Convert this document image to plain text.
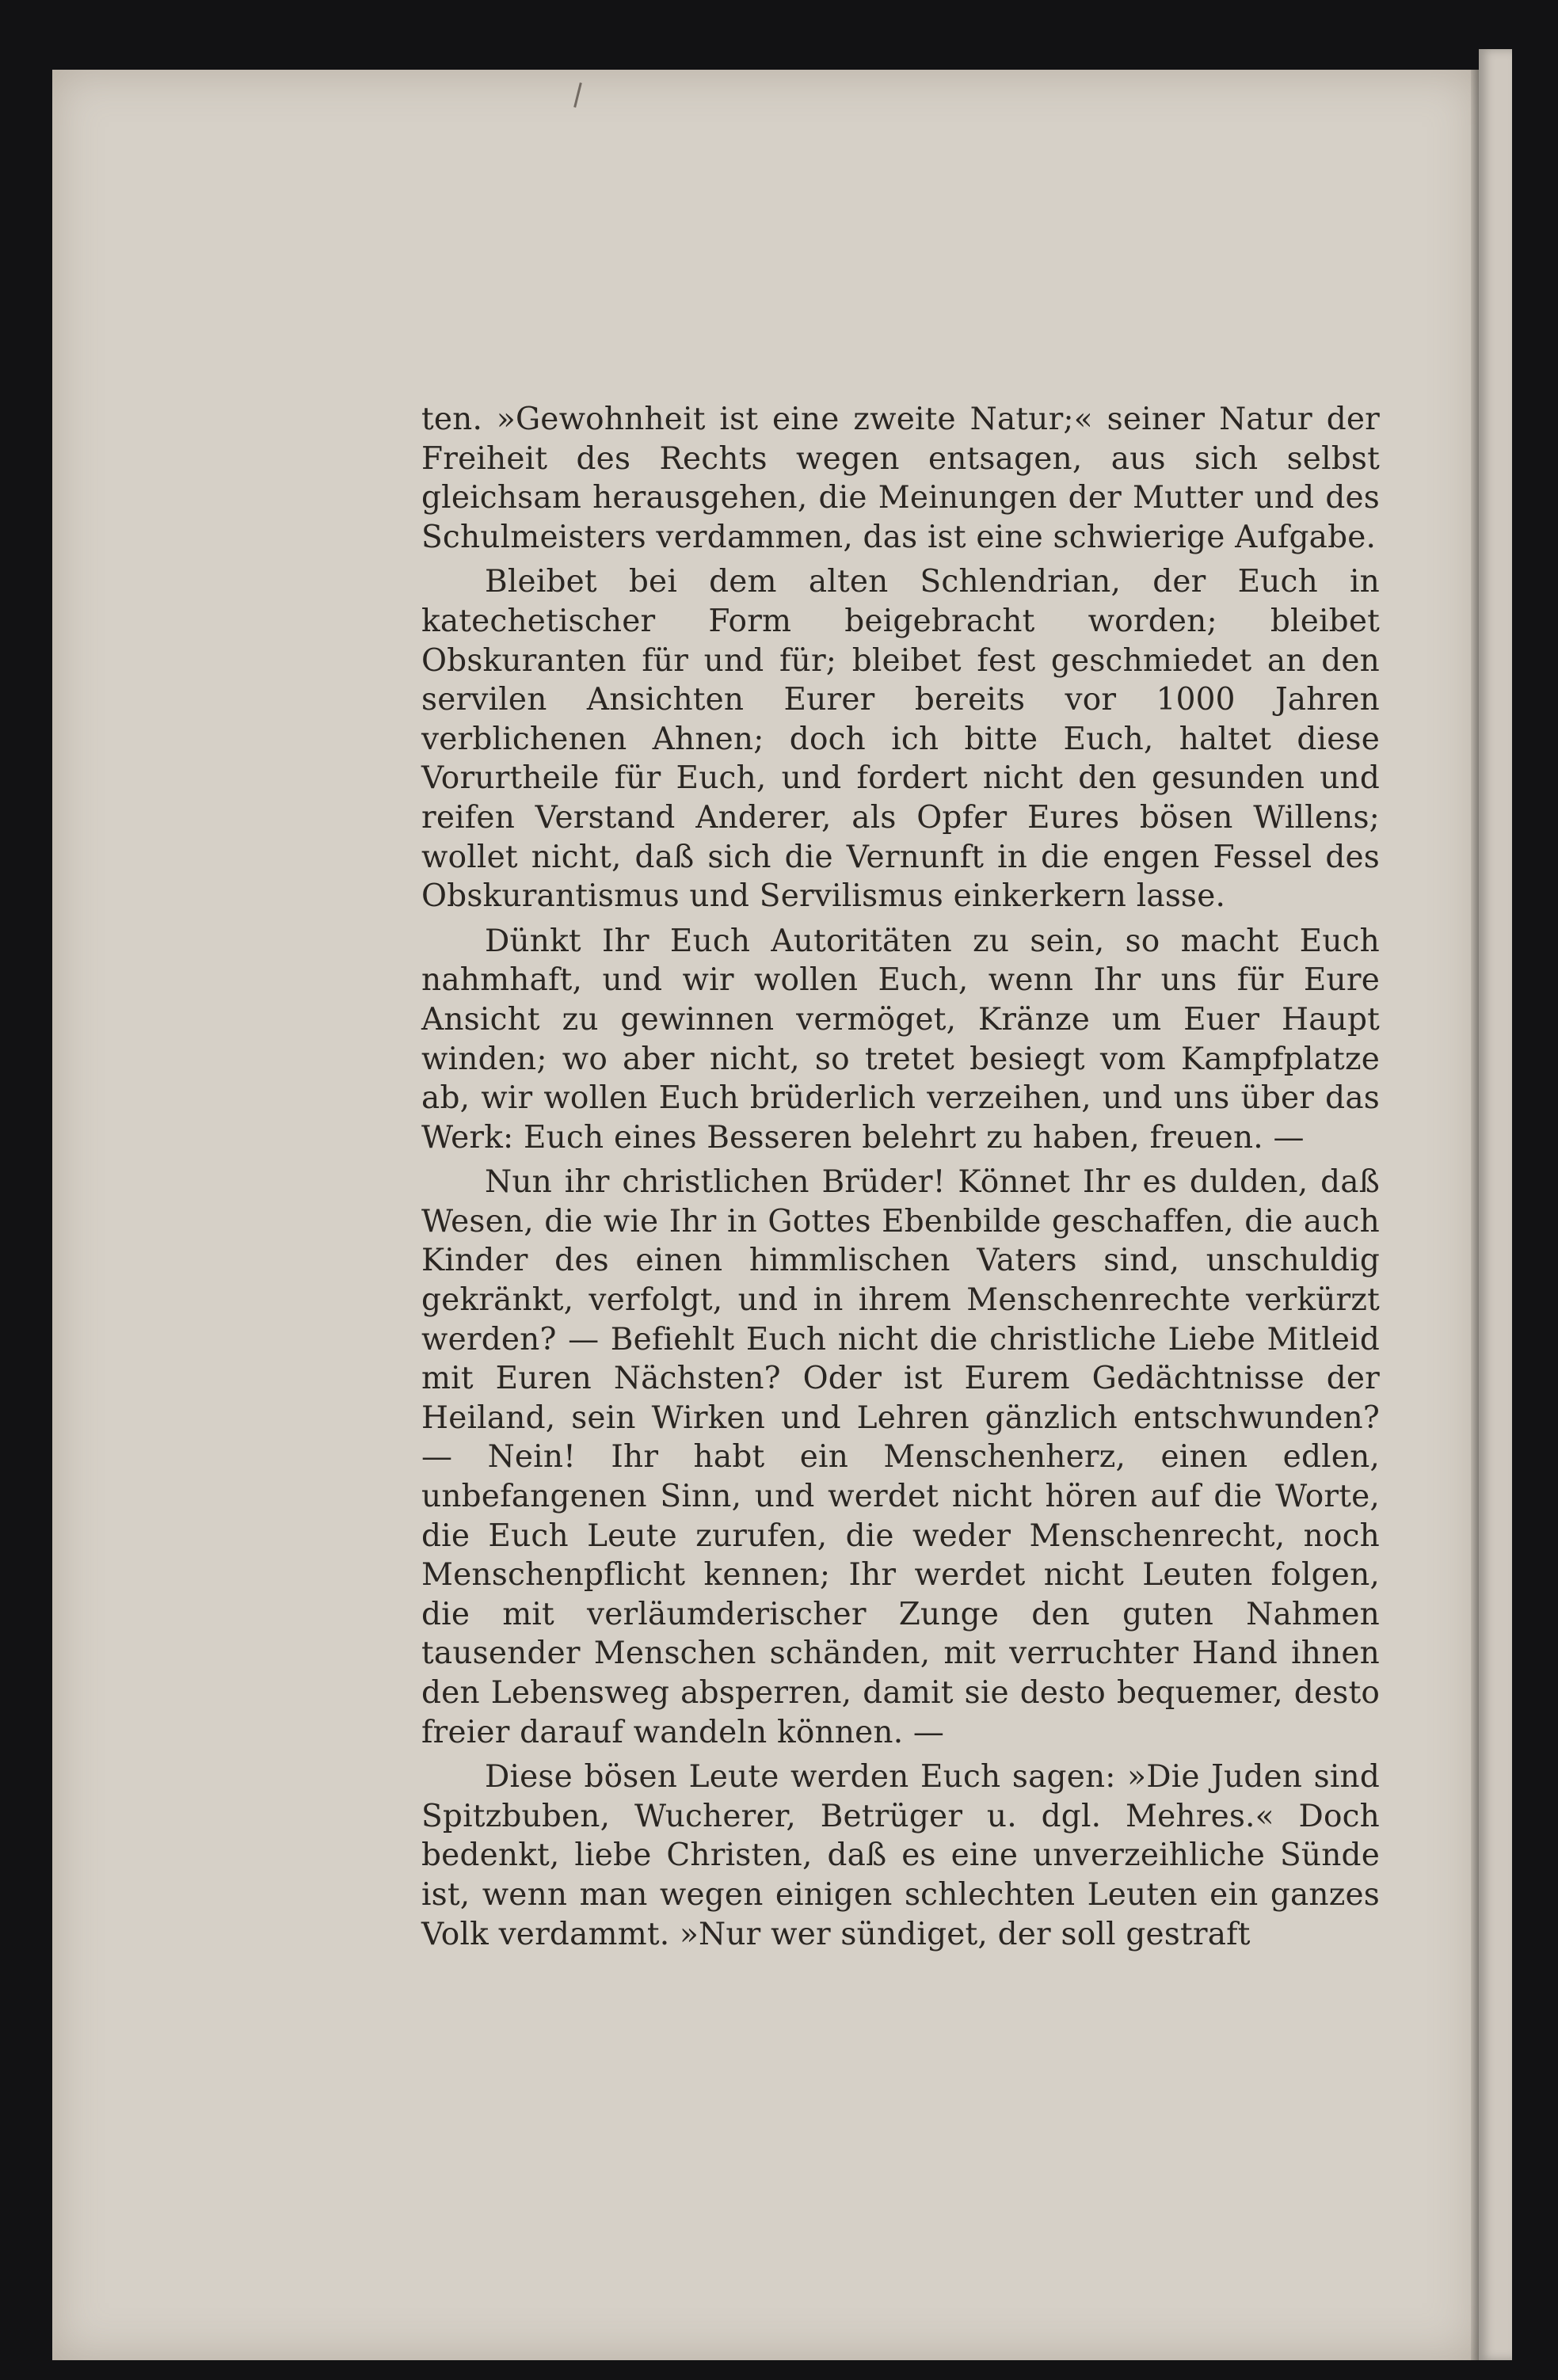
ten. »Gewohnheit ist eine zweite Natur;« seiner Natur der Freiheit des Rechts wegen entsagen, aus sich selbst gleichsam herausgehen, die Meinungen der Mutter und des Schulmeisters verdammen, das ist eine schwierige Aufgabe.

Bleibet bei dem alten Schlendrian, der Euch in katechetischer Form beigebracht worden; bleibet Obskuranten für und für; bleibet fest geschmiedet an den servilen Ansichten Eurer bereits vor 1000 Jahren verblichenen Ahnen; doch ich bitte Euch, haltet diese Vorurtheile für Euch, und fordert nicht den gesunden und reifen Verstand Anderer, als Opfer Eures bösen Willens; wollet nicht, daß sich die Vernunft in die engen Fessel des Obskurantismus und Servilismus einkerkern lasse.

Dünkt Ihr Euch Autoritäten zu sein, so macht Euch nahmhaft, und wir wollen Euch, wenn Ihr uns für Eure Ansicht zu gewinnen vermöget, Kränze um Euer Haupt winden; wo aber nicht, so tretet besiegt vom Kampfplatze ab, wir wollen Euch brüderlich verzeihen, und uns über das Werk: Euch eines Besseren belehrt zu haben, freuen. —

Nun ihr christlichen Brüder! Könnet Ihr es dulden, daß Wesen, die wie Ihr in Gottes Ebenbilde geschaffen, die auch Kinder des einen himmlischen Vaters sind, unschuldig gekränkt, verfolgt, und in ihrem Menschenrechte verkürzt werden? — Befiehlt Euch nicht die christliche Liebe Mitleid mit Euren Nächsten? Oder ist Eurem Gedächtnisse der Heiland, sein Wirken und Lehren gänzlich entschwunden? — Nein! Ihr habt ein Menschenherz, einen edlen, unbefangenen Sinn, und werdet nicht hören auf die Worte, die Euch Leute zurufen, die weder Menschenrecht, noch Menschenpflicht kennen; Ihr werdet nicht Leuten folgen, die mit verläumderischer Zunge den guten Nahmen tausender Menschen schänden, mit verruchter Hand ihnen den Lebensweg absperren, damit sie desto bequemer, desto freier darauf wandeln können. —

Diese bösen Leute werden Euch sagen: »Die Juden sind Spitzbuben, Wucherer, Betrüger u. dgl. Mehres.« Doch bedenkt, liebe Christen, daß es eine unverzeihliche Sünde ist, wenn man wegen einigen schlechten Leuten ein ganzes Volk verdammt. »Nur wer sündiget, der soll gestraft
